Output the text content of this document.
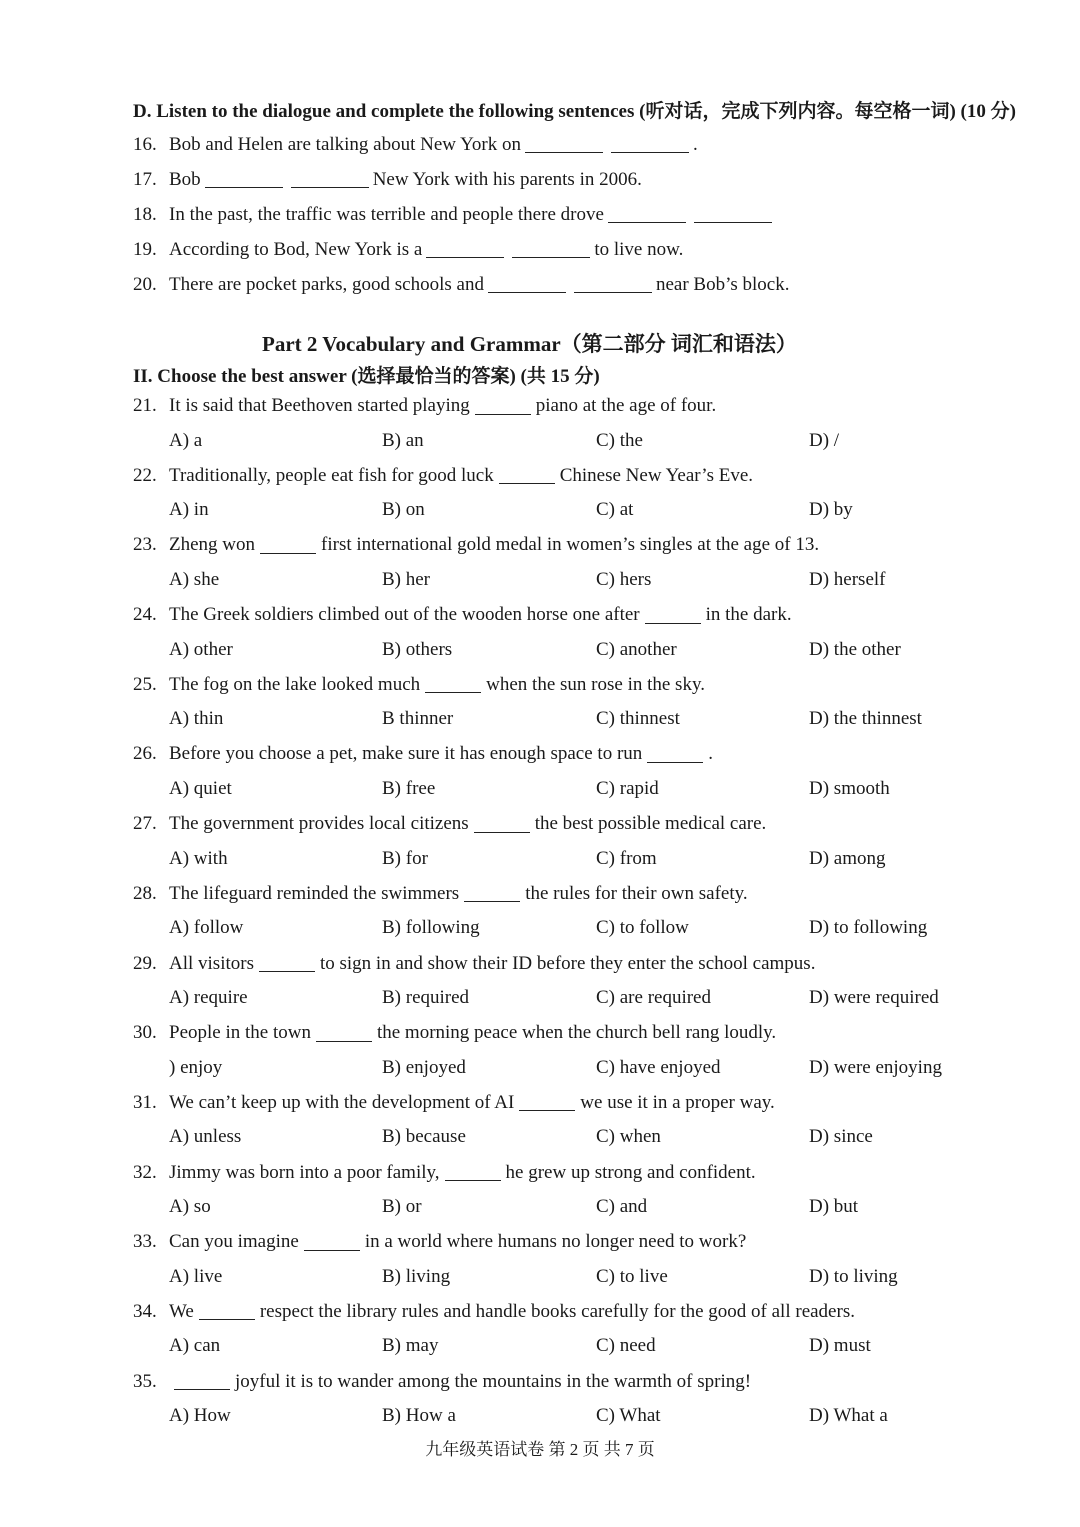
D. Listen to the dialogue and complete the following sentences (听对话，完成下列内容。每空格一词) (10 分)
16. Bob and Helen are talking about New York on	.
17. Bob	New York with his parents in 2006.
18. In the past, the traffic was terrible and people there drove
19. According to Bod, New York is a	to live now.
20. There are pocket parks, good schools and	near Bob’s block.
Part 2 Vocabulary and Grammar（第二部分 词汇和语法）
II. Choose the best answer (选择最恰当的答案) (共 15 分)
21. It is said that Beethoven started playing	piano at the age of four.
A) a	B) an	C) the	D) /
22. Traditionally, people eat fish for good luck	Chinese New Year’s Eve.
A) in	B) on	C) at	D) by
23. Zheng won	first international gold medal in women’s singles at the age of 13.
A) she	B) her	C) hers	D) herself
24. The Greek soldiers climbed out of the wooden horse one after	in the dark.
A) other	B) others	C) another	D) the other
25. The fog on the lake looked much	when the sun rose in the sky.
A) thin	B thinner	C) thinnest	D) the thinnest
26. Before you choose a pet, make sure it has enough space to run	.
A) quiet	B) free	C) rapid	D) smooth
27. The government provides local citizens	the best possible medical care.
A) with	B) for	C) from	D) among
28. The lifeguard reminded the swimmers	the rules for their own safety.
A) follow	B) following	C) to follow	D) to following
29. All visitors	to sign in and show their ID before they enter the school campus.
A) require	B) required	C) are required	D) were required
30. People in the town	the morning peace when the church bell rang loudly.
) enjoy	B) enjoyed	C) have enjoyed	D) were enjoying
31. We can’t keep up with the development of AI	we use it in a proper way.
A) unless	B) because	C) when	D) since
32. Jimmy was born into a poor family,	he grew up strong and confident.
A) so	B) or	C) and	D) but
33. Can you imagine	in a world where humans no longer need to work?
A) live	B) living	C) to live	D) to living
34. We	respect the library rules and handle books carefully for the good of all readers.
A) can	B) may	C) need	D) must
35.	joyful it is to wander among the mountains in the warmth of spring!
A) How	B) How a	C) What	D) What a
九年级英语试卷 第 2 页 共 7 页
